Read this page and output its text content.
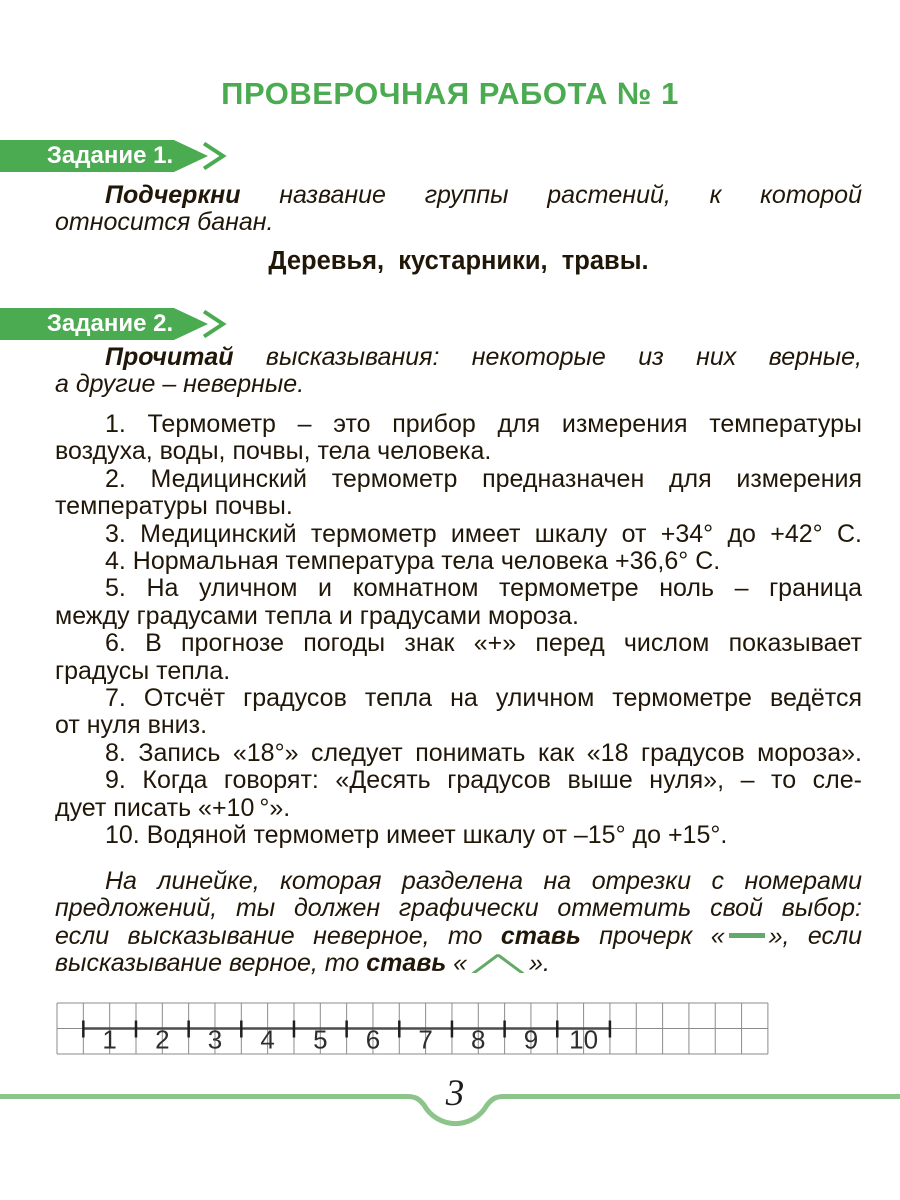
ПРОВЕРОЧНАЯ РАБОТА № 1
Задание 1.
Подчеркни название группы растений, к которой
относится банан.
Деревья,  кустарники,  травы.
Задание 2.
Прочитай высказывания: некоторые из них верные,
а другие – неверные.
1. Термометр – это прибор для измерения температуры
воздуха, воды, почвы, тела человека.
2. Медицинский термометр предназначен для измерения
температуры почвы.
3. Медицинский термометр имеет шкалу от +34° до +42° С.
4. Нормальная температура тела человека +36,6° С.
5. На уличном и комнатном термометре ноль – граница
между градусами тепла и градусами мороза.
6. В прогнозе погоды знак «+» перед числом показывает
градусы тепла.
7. Отсчёт градусов тепла на уличном термометре ведётся
от нуля вниз.
8. Запись «18°» следует понимать как «18 градусов мороза».
9. Когда говорят: «Десять градусов выше нуля», – то сле-
дует писать «+10 °».
10. Водяной термометр имеет шкалу от –15° до +15°.
На линейке, которая разделена на отрезки с номерами
предложений, ты должен графически отметить свой выбор:
если высказывание неверное, то ставь прочерк « », если
высказывание верное, то ставь « ».
1 2 3 4 5 6 7 8 9 10
3
